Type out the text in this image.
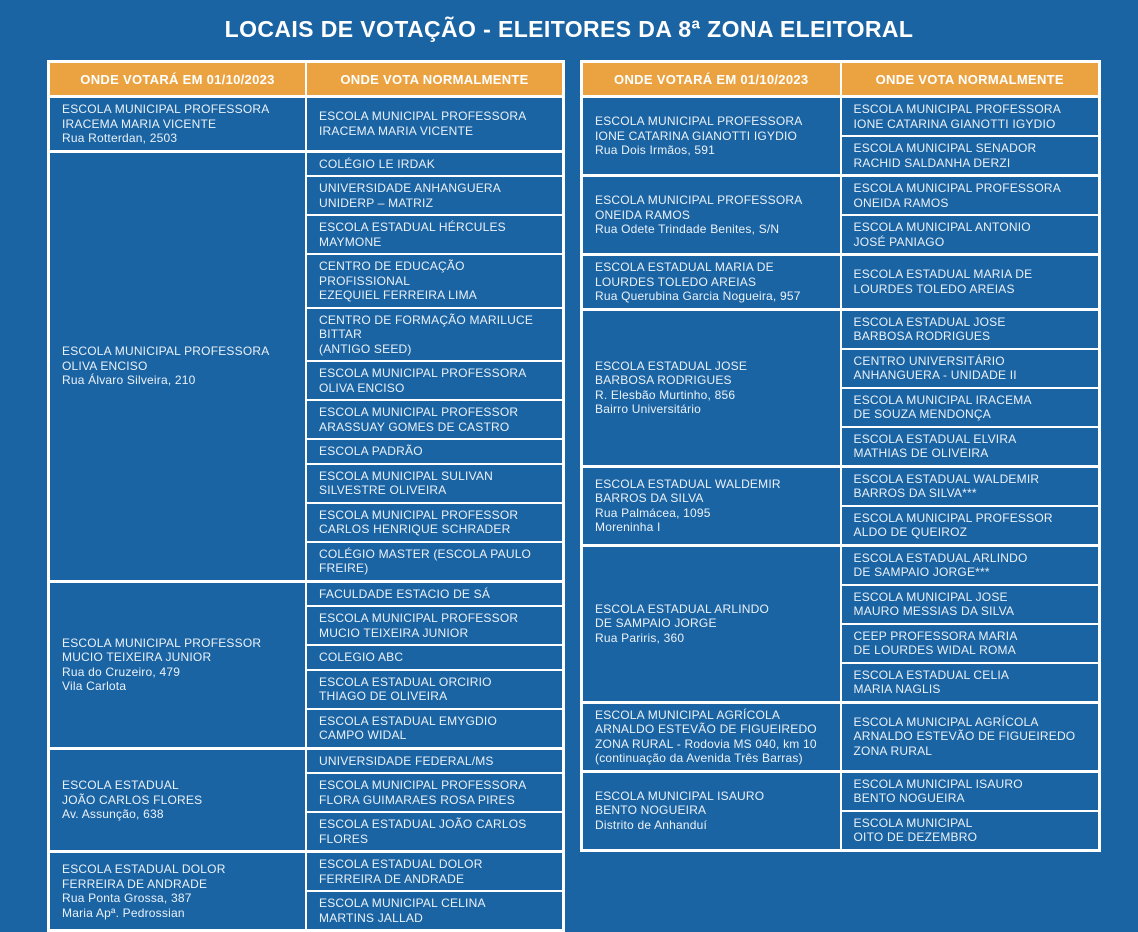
LOCAIS DE VOTAÇÃO - ELEITORES DA 8ª ZONA ELEITORAL
ONDE VOTARÁ EM 01/10/2023	ONDE VOTA NORMALMENTE
ESCOLA MUNICIPAL PROFESSORA
IRACEMA MARIA VICENTE
Rua Rotterdan, 2503	ESCOLA MUNICIPAL PROFESSORA
IRACEMA MARIA VICENTE
ESCOLA MUNICIPAL PROFESSORA
OLIVA ENCISO
Rua Álvaro Silveira, 210	COLÉGIO LE IRDAK
	UNIVERSIDADE ANHANGUERA
UNIDERP – MATRIZ
	ESCOLA ESTADUAL HÉRCULES MAYMONE
	CENTRO DE EDUCAÇÃO PROFISSIONAL
EZEQUIEL FERREIRA LIMA
	CENTRO DE FORMAÇÃO MARILUCE BITTAR
(ANTIGO SEED)
	ESCOLA MUNICIPAL PROFESSORA
OLIVA ENCISO
	ESCOLA MUNICIPAL PROFESSOR
ARASSUAY GOMES DE CASTRO
	ESCOLA PADRÃO
	ESCOLA MUNICIPAL SULIVAN
SILVESTRE OLIVEIRA
	ESCOLA MUNICIPAL PROFESSOR
CARLOS HENRIQUE SCHRADER
	COLÉGIO MASTER (ESCOLA PAULO FREIRE)
ESCOLA MUNICIPAL PROFESSOR
MUCIO TEIXEIRA JUNIOR
Rua do Cruzeiro, 479
Vila Carlota	FACULDADE ESTACIO DE SÁ
	ESCOLA MUNICIPAL PROFESSOR
MUCIO TEIXEIRA JUNIOR
	COLEGIO ABC
	ESCOLA ESTADUAL ORCIRIO
THIAGO DE OLIVEIRA
	ESCOLA ESTADUAL EMYGDIO
CAMPO WIDAL
ESCOLA ESTADUAL
JOÃO CARLOS FLORES
Av. Assunção, 638	UNIVERSIDADE FEDERAL/MS
	ESCOLA MUNICIPAL PROFESSORA
FLORA GUIMARAES ROSA PIRES
	ESCOLA ESTADUAL JOÃO CARLOS FLORES
ESCOLA ESTADUAL DOLOR
FERREIRA DE ANDRADE
Rua Ponta Grossa, 387
Maria Apª. Pedrossian	ESCOLA ESTADUAL DOLOR
FERREIRA DE ANDRADE
	ESCOLA MUNICIPAL CELINA
MARTINS JALLAD
ONDE VOTARÁ EM 01/10/2023	ONDE VOTA NORMALMENTE
ESCOLA MUNICIPAL PROFESSORA
IONE CATARINA GIANOTTI IGYDIO
Rua Dois Irmãos, 591	ESCOLA MUNICIPAL PROFESSORA
IONE CATARINA GIANOTTI IGYDIO
	ESCOLA MUNICIPAL SENADOR
RACHID SALDANHA DERZI
ESCOLA MUNICIPAL PROFESSORA
ONEIDA RAMOS
Rua Odete Trindade Benites, S/N	ESCOLA MUNICIPAL PROFESSORA
ONEIDA RAMOS
	ESCOLA MUNICIPAL ANTONIO
JOSÉ PANIAGO
ESCOLA ESTADUAL MARIA DE
LOURDES TOLEDO AREIAS
Rua Querubina Garcia Nogueira, 957	ESCOLA ESTADUAL MARIA DE
LOURDES TOLEDO AREIAS
ESCOLA ESTADUAL JOSE
BARBOSA RODRIGUES
R. Elesbão Murtinho, 856
Bairro Universitário	ESCOLA ESTADUAL JOSE
BARBOSA RODRIGUES
	CENTRO UNIVERSITÁRIO
ANHANGUERA - UNIDADE II
	ESCOLA MUNICIPAL IRACEMA
DE SOUZA MENDONÇA
	ESCOLA ESTADUAL ELVIRA
MATHIAS DE OLIVEIRA
ESCOLA ESTADUAL WALDEMIR
BARROS DA SILVA
Rua Palmácea, 1095
Moreninha I	ESCOLA ESTADUAL WALDEMIR
BARROS DA SILVA***
	ESCOLA MUNICIPAL PROFESSOR
ALDO DE QUEIROZ
ESCOLA ESTADUAL ARLINDO
DE SAMPAIO JORGE
Rua Pariris, 360	ESCOLA ESTADUAL ARLINDO
DE SAMPAIO JORGE***
	ESCOLA MUNICIPAL JOSE
MAURO MESSIAS DA SILVA
	CEEP PROFESSORA MARIA
DE LOURDES WIDAL ROMA
	ESCOLA ESTADUAL CELIA
MARIA NAGLIS
ESCOLA MUNICIPAL AGRÍCOLA
ARNALDO ESTEVÃO DE FIGUEIREDO
ZONA RURAL - Rodovia MS 040, km 10
(continuação da Avenida Três Barras)	ESCOLA MUNICIPAL AGRÍCOLA
ARNALDO ESTEVÃO DE FIGUEIREDO
ZONA RURAL
ESCOLA MUNICIPAL ISAURO
BENTO NOGUEIRA
Distrito de Anhanduí	ESCOLA MUNICIPAL ISAURO
BENTO NOGUEIRA
	ESCOLA MUNICIPAL
OITO DE DEZEMBRO
